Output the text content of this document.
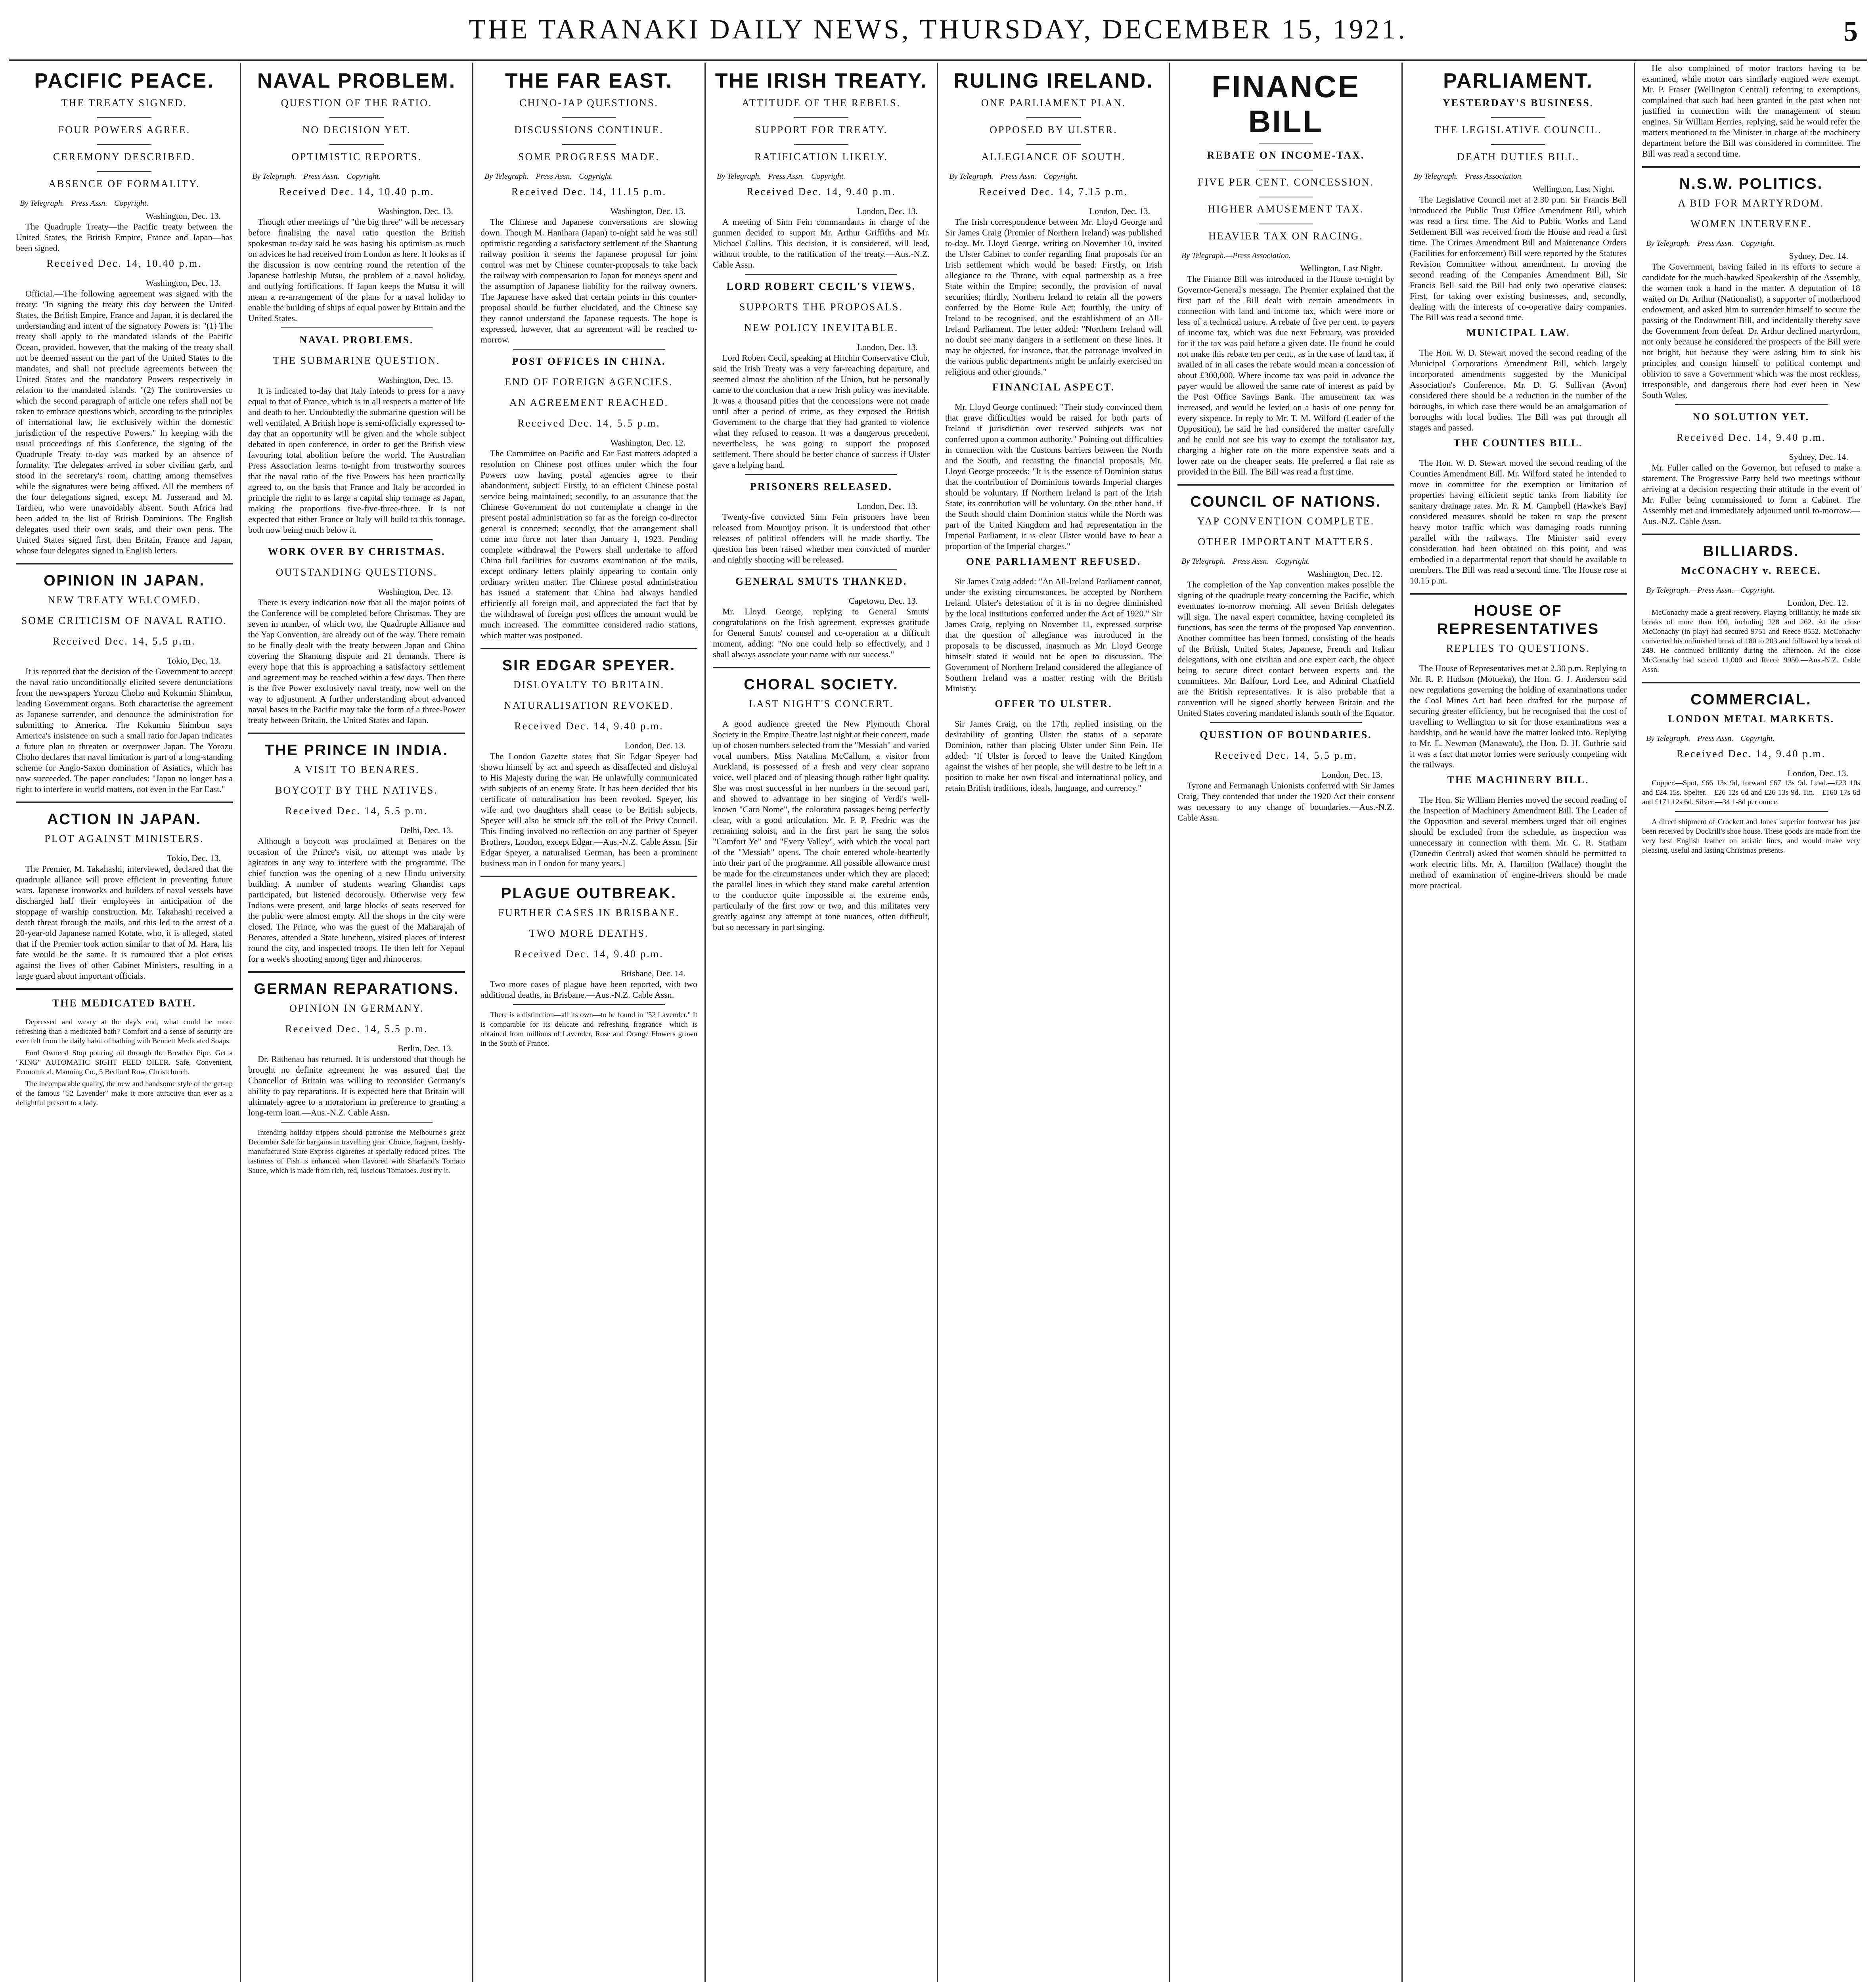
THE TARANAKI DAILY NEWS, THURSDAY, DECEMBER 15, 1921.	5
PACIFIC PEACE.
THE TREATY SIGNED.
FOUR POWERS AGREE.
CEREMONY DESCRIBED.
ABSENCE OF FORMALITY.
By Telegraph.—Press Assn.—Copyright.
Washington, Dec. 13.

The Quadruple Treaty—the Pacific treaty between the United States, the British Empire, France and Japan—has been signed.

Received Dec. 14, 10.40 p.m.
Washington, Dec. 13.

Official.—The following agreement was signed with the treaty: "In signing the treaty this day between the United States, the British Empire, France and Japan, it is declared the understanding and intent of the signatory Powers is: "(1) The treaty shall apply to the mandated islands of the Pacific Ocean, provided, however, that the making of the treaty shall not be deemed assent on the part of the United States to the mandates, and shall not preclude agreements between the United States and the mandatory Powers respectively in relation to the mandated islands. "(2) The controversies to which the second paragraph of article one refers shall not be taken to embrace questions which, according to the principles of international law, lie exclusively within the domestic jurisdiction of the respective Powers." In keeping with the usual proceedings of this Conference, the signing of the Quadruple Treaty to-day was marked by an absence of formality. The delegates arrived in sober civilian garb, and stood in the secretary's room, chatting among themselves while the signatures were being affixed. All the members of the four delegations signed, except M. Jusserand and M. Tardieu, who were unavoidably absent. South Africa had been added to the list of British Dominions. The English delegates used their own seals, and their own pens. The United States signed first, then Britain, France and Japan, whose four delegates signed in English letters.

OPINION IN JAPAN.
NEW TREATY WELCOMED.
SOME CRITICISM OF NAVAL RATIO.
Received Dec. 14, 5.5 p.m.
Tokio, Dec. 13.

It is reported that the decision of the Government to accept the naval ratio unconditionally elicited severe denunciations from the newspapers Yorozu Choho and Kokumin Shimbun, leading Government organs. Both characterise the agreement as Japanese surrender, and denounce the administration for submitting to America. The Kokumin Shimbun says America's insistence on such a small ratio for Japan indicates a future plan to threaten or overpower Japan. The Yorozu Choho declares that naval limitation is part of a long-standing scheme for Anglo-Saxon domination of Asiatics, which has now succeeded. The paper concludes: "Japan no longer has a right to interfere in world matters, not even in the Far East."

ACTION IN JAPAN.
PLOT AGAINST MINISTERS.
Tokio, Dec. 13.

The Premier, M. Takahashi, interviewed, declared that the quadruple alliance will prove efficient in preventing future wars. Japanese ironworks and builders of naval vessels have discharged half their employees in anticipation of the stoppage of warship construction. Mr. Takahashi received a death threat through the mails, and this led to the arrest of a 20-year-old Japanese named Kotate, who, it is alleged, stated that if the Premier took action similar to that of M. Hara, his fate would be the same. It is rumoured that a plot exists against the lives of other Cabinet Ministers, resulting in a large guard about important officials.

THE MEDICATED BATH.

Depressed and weary at the day's end, what could be more refreshing than a medicated bath? Comfort and a sense of security are ever felt from the daily habit of bathing with Bennett Medicated Soaps.

Ford Owners! Stop pouring oil through the Breather Pipe. Get a "KING" AUTOMATIC SIGHT FEED OILER. Safe, Convenient, Economical. Manning Co., 5 Bedford Row, Christchurch.

The incomparable quality, the new and handsome style of the get-up of the famous "52 Lavender" make it more attractive than ever as a delightful present to a lady.

NAVAL PROBLEM.
QUESTION OF THE RATIO.
NO DECISION YET.
OPTIMISTIC REPORTS.
By Telegraph.—Press Assn.—Copyright.
Received Dec. 14, 10.40 p.m.
Washington, Dec. 13.

Though other meetings of "the big three" will be necessary before finalising the naval ratio question the British spokesman to-day said he was basing his optimism as much on advices he had received from London as here. It looks as if the discussion is now centring round the retention of the Japanese battleship Mutsu, the problem of a naval holiday, and outlying fortifications. If Japan keeps the Mutsu it will mean a re-arrangement of the plans for a naval holiday to enable the building of ships of equal power by Britain and the United States.

NAVAL PROBLEMS.
THE SUBMARINE QUESTION.
Washington, Dec. 13.

It is indicated to-day that Italy intends to press for a navy equal to that of France, which is in all respects a matter of life and death to her. Undoubtedly the submarine question will be well ventilated. A British hope is semi-officially expressed to-day that an opportunity will be given and the whole subject debated in open conference, in order to get the British view favouring total abolition before the world. The Australian Press Association learns to-night from trustworthy sources that the naval ratio of the five Powers has been practically agreed to, on the basis that France and Italy be accorded in principle the right to as large a capital ship tonnage as Japan, making the proportions five-five-three-three. It is not expected that either France or Italy will build to this tonnage, both now being much below it.

WORK OVER BY CHRISTMAS.
OUTSTANDING QUESTIONS.
Washington, Dec. 13.

There is every indication now that all the major points of the Conference will be completed before Christmas. They are seven in number, of which two, the Quadruple Alliance and the Yap Convention, are already out of the way. There remain to be finally dealt with the treaty between Japan and China covering the Shantung dispute and 21 demands. There is every hope that this is approaching a satisfactory settlement and agreement may be reached within a few days. Then there is the five Power exclusively naval treaty, now well on the way to adjustment. A further understanding about advanced naval bases in the Pacific may take the form of a three-Power treaty between Britain, the United States and Japan.

THE PRINCE IN INDIA.
A VISIT TO BENARES.
BOYCOTT BY THE NATIVES.
Received Dec. 14, 5.5 p.m.
Delhi, Dec. 13.

Although a boycott was proclaimed at Benares on the occasion of the Prince's visit, no attempt was made by agitators in any way to interfere with the programme. The chief function was the opening of a new Hindu university building. A number of students wearing Ghandist caps participated, but listened decorously. Otherwise very few Indians were present, and large blocks of seats reserved for the public were almost empty. All the shops in the city were closed. The Prince, who was the guest of the Maharajah of Benares, attended a State luncheon, visited places of interest round the city, and inspected troops. He then left for Nepaul for a week's shooting among tiger and rhinoceros.

GERMAN REPARATIONS.
OPINION IN GERMANY.
Received Dec. 14, 5.5 p.m.
Berlin, Dec. 13.

Dr. Rathenau has returned. It is understood that though he brought no definite agreement he was assured that the Chancellor of Britain was willing to reconsider Germany's ability to pay reparations. It is expected here that Britain will ultimately agree to a moratorium in preference to granting a long-term loan.—Aus.-N.Z. Cable Assn.

Intending holiday trippers should patronise the Melbourne's great December Sale for bargains in travelling gear. Choice, fragrant, freshly-manufactured State Express cigarettes at specially reduced prices. The tastiness of Fish is enhanced when flavored with Sharland's Tomato Sauce, which is made from rich, red, luscious Tomatoes. Just try it.

THE FAR EAST.
CHINO-JAP QUESTIONS.
DISCUSSIONS CONTINUE.
SOME PROGRESS MADE.
By Telegraph.—Press Assn.—Copyright.
Received Dec. 14, 11.15 p.m.
Washington, Dec. 13.

The Chinese and Japanese conversations are slowing down. Though M. Hanihara (Japan) to-night said he was still optimistic regarding a satisfactory settlement of the Shantung railway position it seems the Japanese proposal for joint control was met by Chinese counter-proposals to take back the railway with compensation to Japan for moneys spent and the assumption of Japanese liability for the railway owners. The Japanese have asked that certain points in this counter-proposal should be further elucidated, and the Chinese say they cannot understand the Japanese requests. The hope is expressed, however, that an agreement will be reached to-morrow.

POST OFFICES IN CHINA.
END OF FOREIGN AGENCIES.
AN AGREEMENT REACHED.
Received Dec. 14, 5.5 p.m.
Washington, Dec. 12.

The Committee on Pacific and Far East matters adopted a resolution on Chinese post offices under which the four Powers now having postal agencies agree to their abandonment, subject: Firstly, to an efficient Chinese postal service being maintained; secondly, to an assurance that the Chinese Government do not contemplate a change in the present postal administration so far as the foreign co-director general is concerned; secondly, that the arrangement shall come into force not later than January 1, 1923. Pending complete withdrawal the Powers shall undertake to afford China full facilities for customs examination of the mails, except ordinary letters plainly appearing to contain only ordinary written matter. The Chinese postal administration has issued a statement that China had always handled efficiently all foreign mail, and appreciated the fact that by the withdrawal of foreign post offices the amount would be much increased. The committee considered radio stations, which matter was postponed.

SIR EDGAR SPEYER.
DISLOYALTY TO BRITAIN.
NATURALISATION REVOKED.
Received Dec. 14, 9.40 p.m.
London, Dec. 13.

The London Gazette states that Sir Edgar Speyer had shown himself by act and speech as disaffected and disloyal to His Majesty during the war. He unlawfully communicated with subjects of an enemy State. It has been decided that his certificate of naturalisation has been revoked. Speyer, his wife and two daughters shall cease to be British subjects. Speyer will also be struck off the roll of the Privy Council. This finding involved no reflection on any partner of Speyer Brothers, London, except Edgar.—Aus.-N.Z. Cable Assn. [Sir Edgar Speyer, a naturalised German, has been a prominent business man in London for many years.]

PLAGUE OUTBREAK.
FURTHER CASES IN BRISBANE.
TWO MORE DEATHS.
Received Dec. 14, 9.40 p.m.
Brisbane, Dec. 14.

Two more cases of plague have been reported, with two additional deaths, in Brisbane.—Aus.-N.Z. Cable Assn.

There is a distinction—all its own—to be found in "52 Lavender." It is comparable for its delicate and refreshing fragrance—which is obtained from millions of Lavender, Rose and Orange Flowers grown in the South of France.

THE IRISH TREATY.
ATTITUDE OF THE REBELS.
SUPPORT FOR TREATY.
RATIFICATION LIKELY.
By Telegraph.—Press Assn.—Copyright.
Received Dec. 14, 9.40 p.m.
London, Dec. 13.

A meeting of Sinn Fein commandants in charge of the gunmen decided to support Mr. Arthur Griffiths and Mr. Michael Collins. This decision, it is considered, will lead, without trouble, to the ratification of the treaty.—Aus.-N.Z. Cable Assn.

LORD ROBERT CECIL'S VIEWS.
SUPPORTS THE PROPOSALS.
NEW POLICY INEVITABLE.
London, Dec. 13.

Lord Robert Cecil, speaking at Hitchin Conservative Club, said the Irish Treaty was a very far-reaching departure, and seemed almost the abolition of the Union, but he personally came to the conclusion that a new Irish policy was inevitable. It was a thousand pities that the concessions were not made until after a period of crime, as they exposed the British Government to the charge that they had granted to violence what they refused to reason. It was a dangerous precedent, nevertheless, he was going to support the proposed settlement. There should be better chance of success if Ulster gave a helping hand.

PRISONERS RELEASED.
London, Dec. 13.

Twenty-five convicted Sinn Fein prisoners have been released from Mountjoy prison. It is understood that other releases of political offenders will be made shortly. The question has been raised whether men convicted of murder and nightly shooting will be released.

GENERAL SMUTS THANKED.
Capetown, Dec. 13.

Mr. Lloyd George, replying to General Smuts' congratulations on the Irish agreement, expresses gratitude for General Smuts' counsel and co-operation at a difficult moment, adding: "No one could help so effectively, and I shall always associate your name with our success."

CHORAL SOCIETY.
LAST NIGHT'S CONCERT.

A good audience greeted the New Plymouth Choral Society in the Empire Theatre last night at their concert, made up of chosen numbers selected from the "Messiah" and varied vocal numbers. Miss Natalina McCallum, a visitor from Auckland, is possessed of a fresh and very clear soprano voice, well placed and of pleasing though rather light quality. She was most successful in her numbers in the second part, and showed to advantage in her singing of Verdi's well-known "Caro Nome", the coloratura passages being perfectly clear, with a good articulation. Mr. F. P. Fredric was the remaining soloist, and in the first part he sang the solos "Comfort Ye" and "Every Valley", with which the vocal part of the "Messiah" opens. The choir entered whole-heartedly into their part of the programme. All possible allowance must be made for the circumstances under which they are placed; the parallel lines in which they stand make careful attention to the conductor quite impossible at the extreme ends, particularly of the first row or two, and this militates very greatly against any attempt at tone nuances, often difficult, but so necessary in part singing.

RULING IRELAND.
ONE PARLIAMENT PLAN.
OPPOSED BY ULSTER.
ALLEGIANCE OF SOUTH.
By Telegraph.—Press Assn.—Copyright.
Received Dec. 14, 7.15 p.m.
London, Dec. 13.

The Irish correspondence between Mr. Lloyd George and Sir James Craig (Premier of Northern Ireland) was published to-day. Mr. Lloyd George, writing on November 10, invited the Ulster Cabinet to confer regarding final proposals for an Irish settlement which would be based: Firstly, on Irish allegiance to the Throne, with equal partnership as a free State within the Empire; secondly, the provision of naval securities; thirdly, Northern Ireland to retain all the powers conferred by the Home Rule Act; fourthly, the unity of Ireland to be recognised, and the establishment of an All-Ireland Parliament. The letter added: "Northern Ireland will no doubt see many dangers in a settlement on these lines. It may be objected, for instance, that the patronage involved in the various public departments might be unfairly exercised on religious and other grounds."

FINANCIAL ASPECT.

Mr. Lloyd George continued: "Their study convinced them that grave difficulties would be raised for both parts of Ireland if jurisdiction over reserved subjects was not conferred upon a common authority." Pointing out difficulties in connection with the Customs barriers between the North and the South, and recasting the financial proposals, Mr. Lloyd George proceeds: "It is the essence of Dominion status that the contribution of Dominions towards Imperial charges should be voluntary. If Northern Ireland is part of the Irish State, its contribution will be voluntary. On the other hand, if the South should claim Dominion status while the North was part of the United Kingdom and had representation in the Imperial Parliament, it is clear Ulster would have to bear a proportion of the Imperial charges."

ONE PARLIAMENT REFUSED.

Sir James Craig added: "An All-Ireland Parliament cannot, under the existing circumstances, be accepted by Northern Ireland. Ulster's detestation of it is in no degree diminished by the local institutions conferred under the Act of 1920." Sir James Craig, replying on November 11, expressed surprise that the question of allegiance was introduced in the proposals to be discussed, inasmuch as Mr. Lloyd George himself stated it would not be open to discussion. The Government of Northern Ireland considered the allegiance of Southern Ireland was a matter resting with the British Ministry.

OFFER TO ULSTER.

Sir James Craig, on the 17th, replied insisting on the desirability of granting Ulster the status of a separate Dominion, rather than placing Ulster under Sinn Fein. He added: "If Ulster is forced to leave the United Kingdom against the wishes of her people, she will desire to be left in a position to make her own fiscal and international policy, and retain British traditions, ideals, language, and currency."

FINANCE BILL
REBATE ON INCOME-TAX.
FIVE PER CENT. CONCESSION.
HIGHER AMUSEMENT TAX.
HEAVIER TAX ON RACING.
By Telegraph.—Press Association.
Wellington, Last Night.

The Finance Bill was introduced in the House to-night by Governor-General's message. The Premier explained that the first part of the Bill dealt with certain amendments in connection with land and income tax, which were more or less of a technical nature. A rebate of five per cent. to payers of income tax, which was due next February, was provided for if the tax was paid before a given date. He found he could not make this rebate ten per cent., as in the case of land tax, if availed of in all cases the rebate would mean a concession of about £300,000. Where income tax was paid in advance the payer would be allowed the same rate of interest as paid by the Post Office Savings Bank. The amusement tax was increased, and would be levied on a basis of one penny for every sixpence. In reply to Mr. T. M. Wilford (Leader of the Opposition), he said he had considered the matter carefully and he could not see his way to exempt the totalisator tax, charging a higher rate on the more expensive seats and a lower rate on the cheaper seats. He preferred a flat rate as provided in the Bill. The Bill was read a first time.

COUNCIL OF NATIONS.
YAP CONVENTION COMPLETE.
OTHER IMPORTANT MATTERS.
By Telegraph.—Press Assn.—Copyright.
Washington, Dec. 12.

The completion of the Yap convention makes possible the signing of the quadruple treaty concerning the Pacific, which eventuates to-morrow morning. All seven British delegates will sign. The naval expert committee, having completed its functions, has seen the terms of the proposed Yap convention. Another committee has been formed, consisting of the heads of the British, United States, Japanese, French and Italian delegations, with one civilian and one expert each, the object being to secure direct contact between experts and the committees. Mr. Balfour, Lord Lee, and Admiral Chatfield are the British representatives. It is also probable that a convention will be signed shortly between Britain and the United States covering mandated islands south of the Equator.

QUESTION OF BOUNDARIES.
Received Dec. 14, 5.5 p.m.
London, Dec. 13.

Tyrone and Fermanagh Unionists conferred with Sir James Craig. They contended that under the 1920 Act their consent was necessary to any change of boundaries.—Aus.-N.Z. Cable Assn.

PARLIAMENT.
YESTERDAY'S BUSINESS.
THE LEGISLATIVE COUNCIL.
DEATH DUTIES BILL.
By Telegraph.—Press Association.
Wellington, Last Night.

The Legislative Council met at 2.30 p.m. Sir Francis Bell introduced the Public Trust Office Amendment Bill, which was read a first time. The Aid to Public Works and Land Settlement Bill was received from the House and read a first time. The Crimes Amendment Bill and Maintenance Orders (Facilities for enforcement) Bill were reported by the Statutes Revision Committee without amendment. In moving the second reading of the Companies Amendment Bill, Sir Francis Bell said the Bill had only two operative clauses: First, for taking over existing businesses, and, secondly, dealing with the interests of co-operative dairy companies. The Bill was read a second time.

MUNICIPAL LAW.

The Hon. W. D. Stewart moved the second reading of the Municipal Corporations Amendment Bill, which largely incorporated amendments suggested by the Municipal Association's Conference. Mr. D. G. Sullivan (Avon) considered there should be a reduction in the number of the boroughs, in which case there would be an amalgamation of boroughs with local bodies. The Bill was put through all stages and passed.

THE COUNTIES BILL.

The Hon. W. D. Stewart moved the second reading of the Counties Amendment Bill. Mr. Wilford stated he intended to move in committee for the exemption or limitation of properties having efficient septic tanks from liability for sanitary drainage rates. Mr. R. M. Campbell (Hawke's Bay) considered measures should be taken to stop the present heavy motor traffic which was damaging roads running parallel with the railways. The Minister said every consideration had been obtained on this point, and was embodied in a departmental report that should be available to members. The Bill was read a second time. The House rose at 10.15 p.m.

HOUSE OF REPRESENTATIVES
REPLIES TO QUESTIONS.

The House of Representatives met at 2.30 p.m. Replying to Mr. R. P. Hudson (Motueka), the Hon. G. J. Anderson said new regulations governing the holding of examinations under the Coal Mines Act had been drafted for the purpose of securing greater efficiency, but he recognised that the cost of travelling to Wellington to sit for those examinations was a hardship, and he would have the matter looked into. Replying to Mr. E. Newman (Manawatu), the Hon. D. H. Guthrie said it was a fact that motor lorries were seriously competing with the railways.

THE MACHINERY BILL.

The Hon. Sir William Herries moved the second reading of the Inspection of Machinery Amendment Bill. The Leader of the Opposition and several members urged that oil engines should be excluded from the schedule, as inspection was unnecessary in connection with them. Mr. C. R. Statham (Dunedin Central) asked that women should be permitted to work electric lifts. Mr. A. Hamilton (Wallace) thought the method of examination of engine-drivers should be made more practical.

He also complained of motor tractors having to be examined, while motor cars similarly engined were exempt. Mr. P. Fraser (Wellington Central) referring to exemptions, complained that such had been granted in the past when not justified in connection with the management of steam engines. Sir William Herries, replying, said he would refer the matters mentioned to the Minister in charge of the machinery department before the Bill was considered in committee. The Bill was read a second time.

N.S.W. POLITICS.
A BID FOR MARTYRDOM.
WOMEN INTERVENE.
By Telegraph.—Press Assn.—Copyright.
Sydney, Dec. 14.

The Government, having failed in its efforts to secure a candidate for the much-hawked Speakership of the Assembly, the women took a hand in the matter. A deputation of 18 waited on Dr. Arthur (Nationalist), a supporter of motherhood endowment, and asked him to surrender himself to secure the passing of the Endowment Bill, and incidentally thereby save the Government from defeat. Dr. Arthur declined martyrdom, not only because he considered the prospects of the Bill were not bright, but because they were asking him to sink his principles and consign himself to political contempt and oblivion to save a Government which was the most reckless, irresponsible, and dangerous there had ever been in New South Wales.

NO SOLUTION YET.
Received Dec. 14, 9.40 p.m.
Sydney, Dec. 14.

Mr. Fuller called on the Governor, but refused to make a statement. The Progressive Party held two meetings without arriving at a decision respecting their attitude in the event of Mr. Fuller being commissioned to form a Cabinet. The Assembly met and immediately adjourned until to-morrow.—Aus.-N.Z. Cable Assn.

BILLIARDS.
McCONACHY v. REECE.
By Telegraph.—Press Assn.—Copyright.
London, Dec. 12.

McConachy made a great recovery. Playing brilliantly, he made six breaks of more than 100, including 228 and 262. At the close McConachy (in play) had secured 9751 and Reece 8552. McConachy converted his unfinished break of 180 to 203 and followed by a break of 249. He continued brilliantly during the afternoon. At the close McConachy had scored 11,000 and Reece 9950.—Aus.-N.Z. Cable Assn.

COMMERCIAL.
LONDON METAL MARKETS.
By Telegraph.—Press Assn.—Copyright.
Received Dec. 14, 9.40 p.m.
London, Dec. 13.

Copper.—Spot, £66 13s 9d, forward £67 13s 9d. Lead.—£23 10s and £24 15s. Spelter.—£26 12s 6d and £26 13s 9d. Tin.—£160 17s 6d and £171 12s 6d. Silver.—34 1-8d per ounce.

A direct shipment of Crockett and Jones' superior footwear has just been received by Dockrill's shoe house. These goods are made from the very best English leather on artistic lines, and would make very pleasing, useful and lasting Christmas presents.
